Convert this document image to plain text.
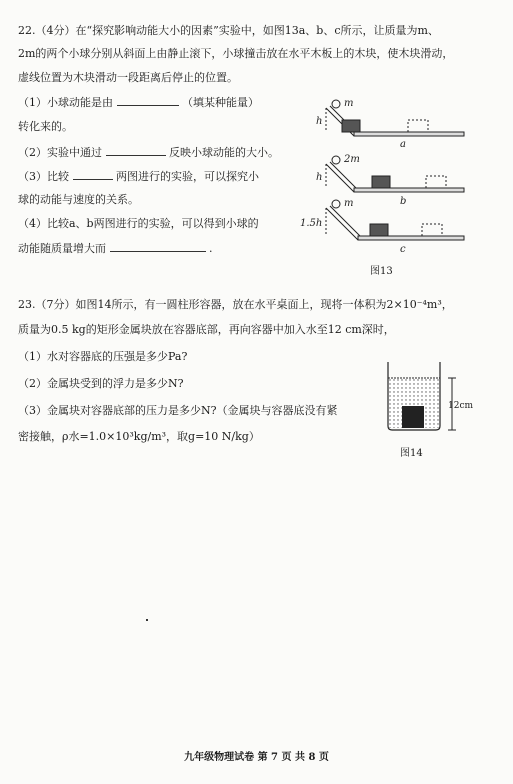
22.（4分）在“探究影响动能大小的因素”实验中，如图13a、b、c所示，让质量为m、
2m的两个小球分别从斜面上由静止滚下，小球撞击放在水平木板上的木块，使木块滑动，
虚线位置为木块滑动一段距离后停止的位置。
（1）小球动能是由	（填某种能量）
转化来的。
（2）实验中通过	反映小球动能的大小。
（3）比较	两图进行的实验，可以探究小
球的动能与速度的关系。
（4）比较a、b两图进行的实验，可以得到小球的
动能随质量增大而	.
m
h
a
2m
h
b
m
1.5h
c
图13
23.（7分）如图14所示，有一圆柱形容器，放在水平桌面上，现将一体积为2×10⁻⁴m³，
质量为0.5 kg的矩形金属块放在容器底部，再向容器中加入水至12 cm深时，
（1）水对容器底的压强是多少Pa?
（2）金属块受到的浮力是多少N?
（3）金属块对容器底部的压力是多少N?（金属块与容器底没有紧
密接触，ρ水=1.0×10³kg/m³，取g=10 N/kg）
12cm
图14
九年级物理试卷 第 7 页 共 8 页
